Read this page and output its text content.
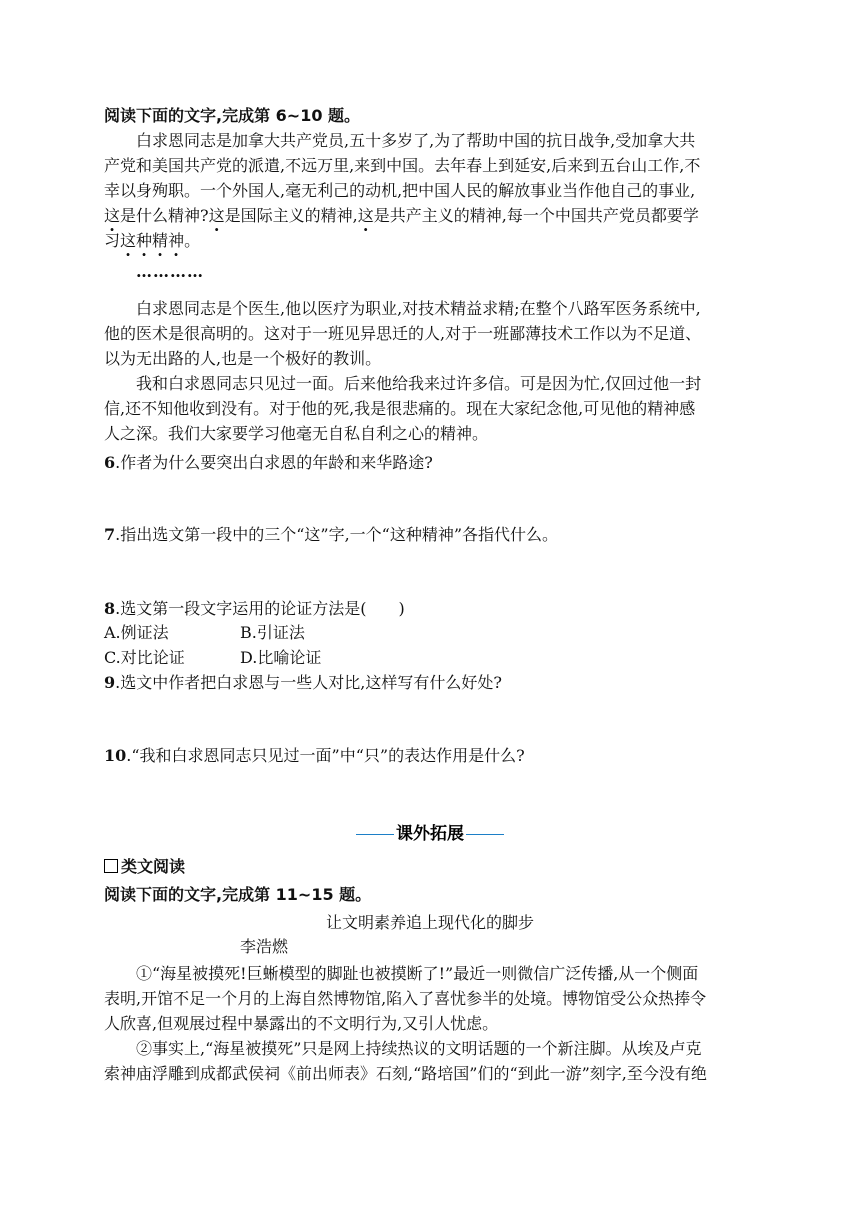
阅读下面的文字,完成第 6~10 题。
白求恩同志是加拿大共产党员,五十多岁了,为了帮助中国的抗日战争,受加拿大共
产党和美国共产党的派遣,不远万里,来到中国。去年春上到延安,后来到五台山工作,不
幸以身殉职。一个外国人,毫无利己的动机,把中国人民的解放事业当作他自己的事业,
这是什么精神?这是国际主义的精神,这是共产主义的精神,每一个中国共产党员都要学
习这种精神。
…………
白求恩同志是个医生,他以医疗为职业,对技术精益求精;在整个八路军医务系统中,
他的医术是很高明的。这对于一班见异思迁的人,对于一班鄙薄技术工作以为不足道、
以为无出路的人,也是一个极好的教训。
我和白求恩同志只见过一面。后来他给我来过许多信。可是因为忙,仅回过他一封
信,还不知他收到没有。对于他的死,我是很悲痛的。现在大家纪念他,可见他的精神感
人之深。我们大家要学习他毫无自私自利之心的精神。
6.作者为什么要突出白求恩的年龄和来华路途?
7.指出选文第一段中的三个“这”字,一个“这种精神”各指代什么。
8.选文第一段文字运用的论证方法是(　　)
A.例证法	B.引证法
C.对比论证	D.比喻论证
9.选文中作者把白求恩与一些人对比,这样写有什么好处?
10.“我和白求恩同志只见过一面”中“只”的表达作用是什么?
课外拓展
类文阅读
阅读下面的文字,完成第 11~15 题。
让文明素养追上现代化的脚步
李浩燃
①“海星被摸死!巨蜥模型的脚趾也被摸断了!”最近一则微信广泛传播,从一个侧面
表明,开馆不足一个月的上海自然博物馆,陷入了喜忧参半的处境。博物馆受公众热捧令
人欣喜,但观展过程中暴露出的不文明行为,又引人忧虑。
②事实上,“海星被摸死”只是网上持续热议的文明话题的一个新注脚。从埃及卢克
索神庙浮雕到成都武侯祠《前出师表》石刻,“路培国”们的“到此一游”刻字,至今没有绝
